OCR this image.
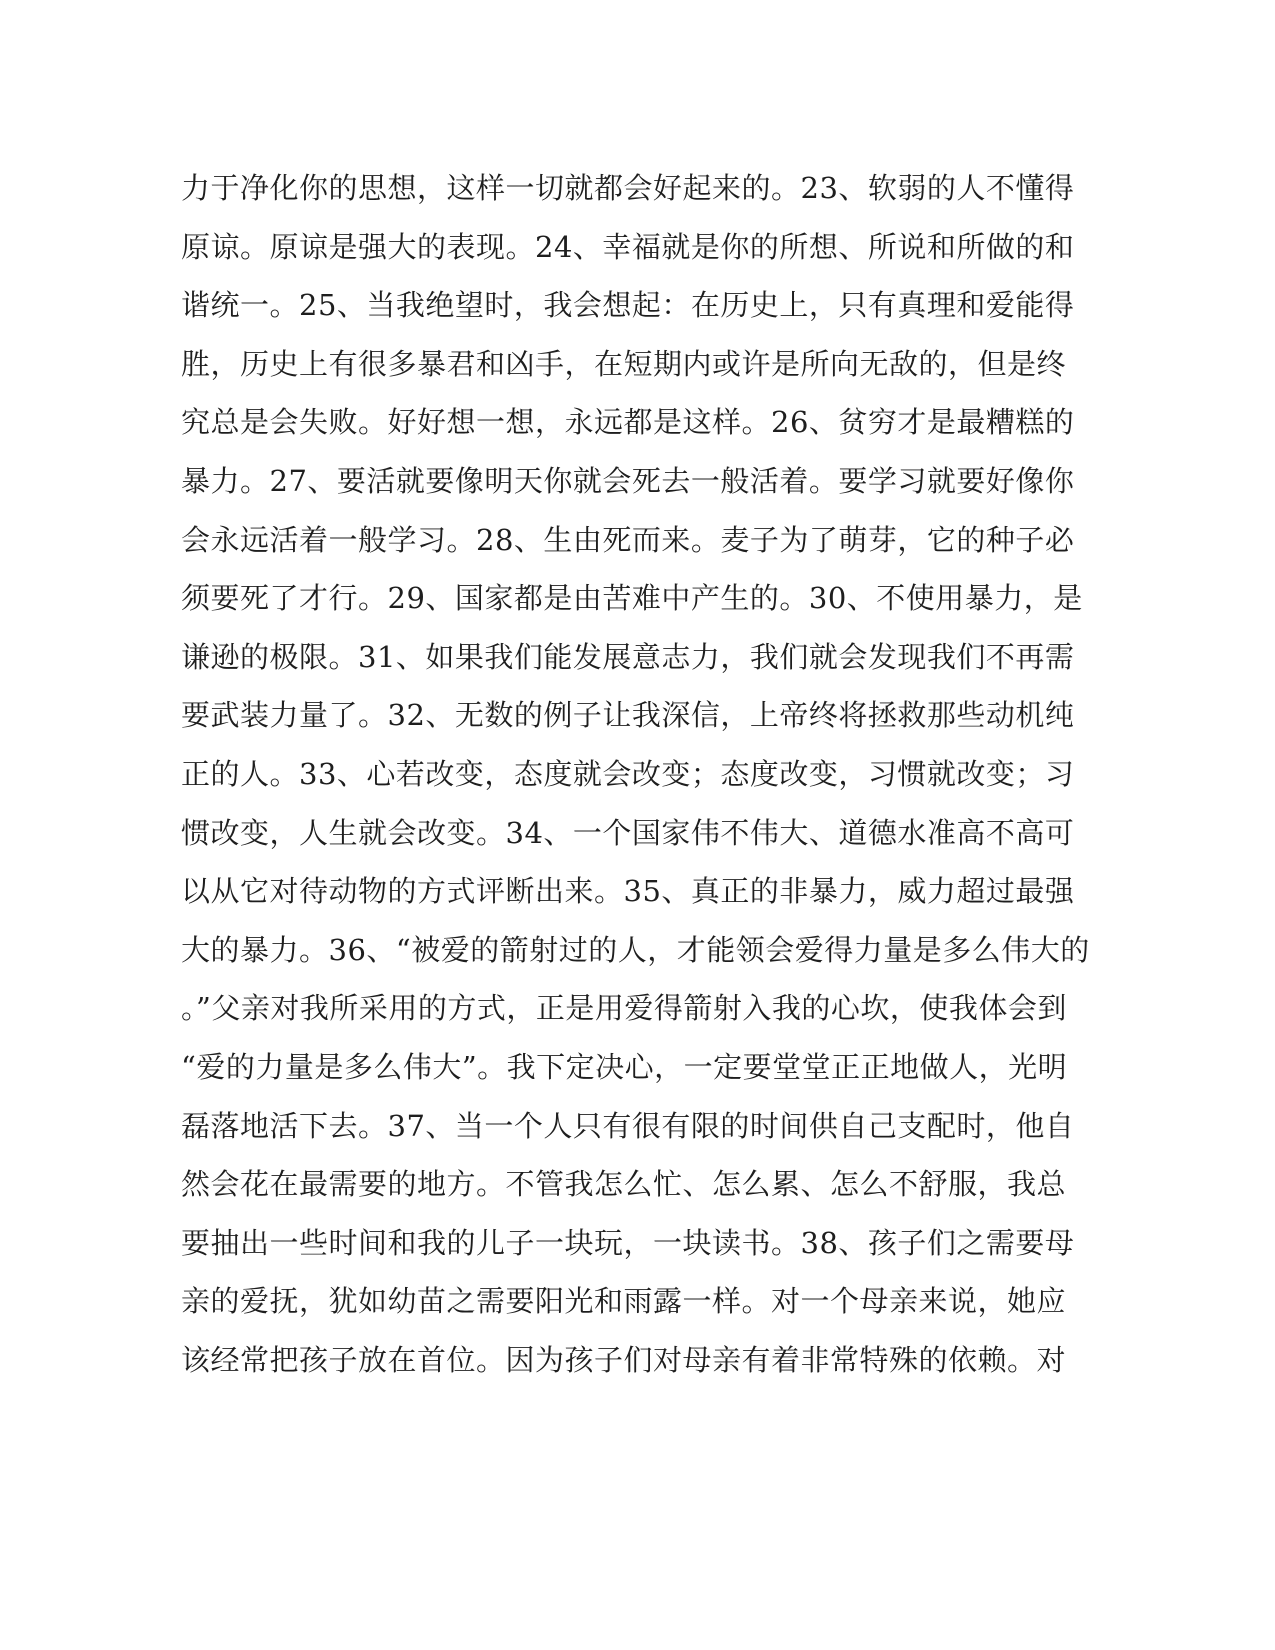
力于净化你的思想，这样一切就都会好起来的。23、软弱的人不懂得
原谅。原谅是强大的表现。24、幸福就是你的所想、所说和所做的和
谐统一。25、当我绝望时，我会想起：在历史上，只有真理和爱能得
胜，历史上有很多暴君和凶手，在短期内或许是所向无敌的，但是终
究总是会失败。好好想一想，永远都是这样。26、贫穷才是最糟糕的
暴力。27、要活就要像明天你就会死去一般活着。要学习就要好像你
会永远活着一般学习。28、生由死而来。麦子为了萌芽，它的种子必
须要死了才行。29、国家都是由苦难中产生的。30、不使用暴力，是
谦逊的极限。31、如果我们能发展意志力，我们就会发现我们不再需
要武装力量了。32、无数的例子让我深信，上帝终将拯救那些动机纯
正的人。33、心若改变，态度就会改变；态度改变，习惯就改变；习
惯改变，人生就会改变。34、一个国家伟不伟大、道德水准高不高可
以从它对待动物的方式评断出来。35、真正的非暴力，威力超过最强
大的暴力。36、“被爱的箭射过的人，才能领会爱得力量是多么伟大的
。”父亲对我所采用的方式，正是用爱得箭射入我的心坎，使我体会到
“爱的力量是多么伟大”。我下定决心，一定要堂堂正正地做人，光明
磊落地活下去。37、当一个人只有很有限的时间供自己支配时，他自
然会花在最需要的地方。不管我怎么忙、怎么累、怎么不舒服，我总
要抽出一些时间和我的儿子一块玩，一块读书。38、孩子们之需要母
亲的爱抚，犹如幼苗之需要阳光和雨露一样。对一个母亲来说，她应
该经常把孩子放在首位。因为孩子们对母亲有着非常特殊的依赖。对
